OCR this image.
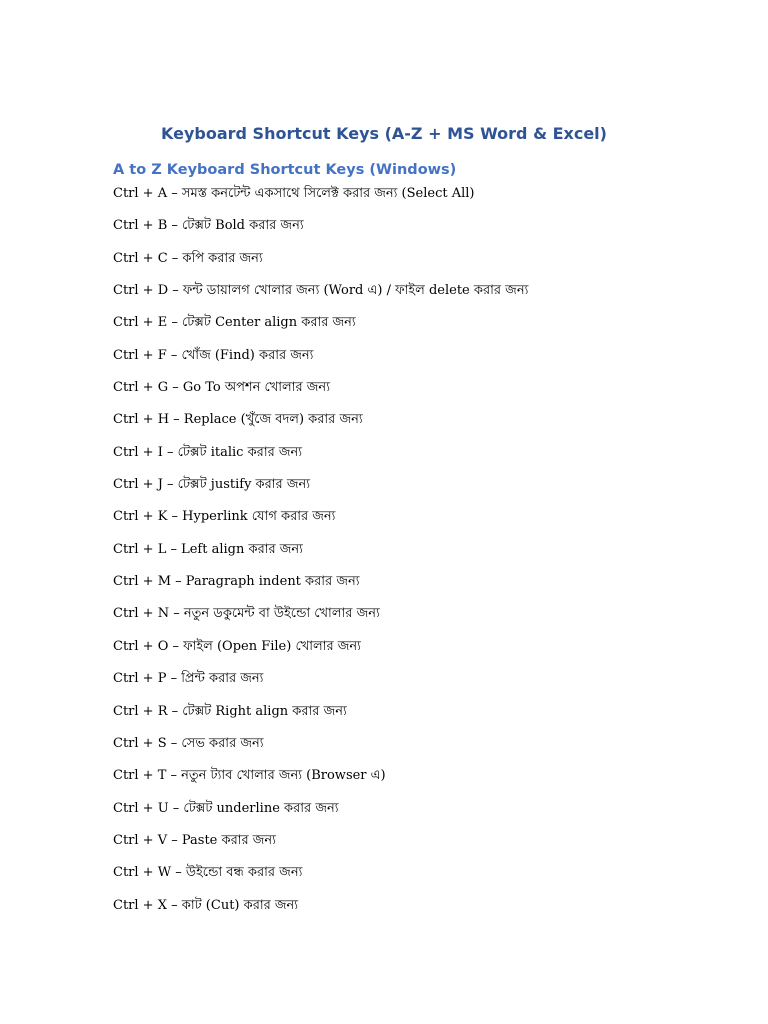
Keyboard Shortcut Keys (A-Z + MS Word & Excel)
A to Z Keyboard Shortcut Keys (Windows)
Ctrl + A – সমস্ত কনটেন্ট একসাথে সিলেক্ট করার জন্য (Select All)
Ctrl + B – টেক্সট Bold করার জন্য
Ctrl + C – কপি করার জন্য
Ctrl + D – ফন্ট ডায়ালগ খোলার জন্য (Word এ) / ফাইল delete করার জন্য
Ctrl + E – টেক্সট Center align করার জন্য
Ctrl + F – খোঁজ (Find) করার জন্য
Ctrl + G – Go To অপশন খোলার জন্য
Ctrl + H – Replace (খুঁজে বদল) করার জন্য
Ctrl + I – টেক্সট italic করার জন্য
Ctrl + J – টেক্সট justify করার জন্য
Ctrl + K – Hyperlink যোগ করার জন্য
Ctrl + L – Left align করার জন্য
Ctrl + M – Paragraph indent করার জন্য
Ctrl + N – নতুন ডকুমেন্ট বা উইন্ডো খোলার জন্য
Ctrl + O – ফাইল (Open File) খোলার জন্য
Ctrl + P – প্রিন্ট করার জন্য
Ctrl + R – টেক্সট Right align করার জন্য
Ctrl + S – সেভ করার জন্য
Ctrl + T – নতুন ট্যাব খোলার জন্য (Browser এ)
Ctrl + U – টেক্সট underline করার জন্য
Ctrl + V – Paste করার জন্য
Ctrl + W – উইন্ডো বন্ধ করার জন্য
Ctrl + X – কাট (Cut) করার জন্য
